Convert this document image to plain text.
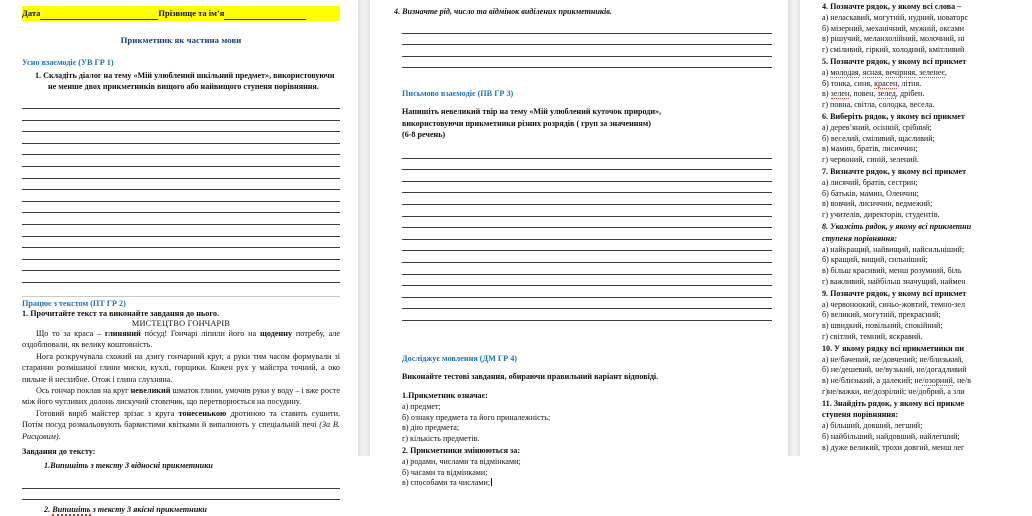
Дата	Прізвище та ім’я
Прикметник як частина мови
Усно взаємодіє (УВ ГР 1)
1. Складіть діалог на тему «Мій улюблений шкільний предмет», використовуючи не менше двох прикметників вищого або найвищого ступеня порівняння.
Працює з текстом (ПТ ГР 2)
1. Прочитайте текст та виконайте завдання до нього.
МИСТЕЦТВО ГОНЧАРІВ

Що то за краса – глиняний пóсуд! Гончарі ліпили його на щоденну потребу, але оздоблювали, як велику коштовність.

Нога розкручувала схожий на дзиґу гончарний круг, а руки тим часом формували зі старанно розмішаної глини миски, кухлі, горщики. Кожен рух у майстра точний, а око пильне й несхибне. Отож і глина слухняна.

Ось гончар поклав на круг невеликий шматок глини, умочив руки у воду – і вже росте між його чутливих долонь лискучий стовпчик, що перетворюється на посудину.

Готовий виріб майстер зрізає з круга тонесенькою дротиною та ставить сушити. Потім посуд розмальовують барвистими квітками й випалюють у спеціальній печі (За В. Рисцовим).

Завдання до тексту:
1.Випишіть з тексту 3 відносні прикметники
2. Випишіть з тексту 3 якісні прикметники
4. Визначте рід, число та відмінок виділених прикметників.
Письмово взаємодіє (ПВ ГР 3)
Напишіть невеликий твір на тему «Мій улюблений куточок природи»,
використовуючи прикметники різних розрядів ( груп за значенням)
(6-8 речень)
Досліджує мовлення (ДМ ГР 4)
Виконайте тестові завдання, обираючи правильний варіант відповіді.
1.Прикметник означає:
а) предмет;
б) ознаку предмета та його приналежність;
в) дію предмета;
г) кількість предметів.
2. Прикметники змінюються за:
а) родами, числами та відмінками;
б) часами та відмінками;
в) способами та числами;
4. Позначте рядок, у якому всі слова –
а) неласкавий, могутній, нудний, новаторс
б) мізерний, механічний, мужній, оксами
в) рішучий, меланхолійний, молочний, ні
г) сміливий, гіркий, холодний, кмітливий
5. Позначте рядок, у якому всі прикмет
а) молодая, ясная, вечірняя, зеленеє,
б) тонка, синя, красен, літня.
в) зелен, повен, зелед, дрібен.
г) повна, світла, солодка, весела.
6. Виберіть рядок, у якому всі прикмет
а) дерев’яний, осінній, срібний;
б) веселий, сміливий, щасливий;
в) мамин, братів, лисиччин;
г) червоний, синій, зелений.
7. Визначте рядок, у якому всі прикмет
а) лисячий, братів, сестрин;
б) батьків, мамин, Оленчин;
в) вовчий, лисиччин, ведмежий;
г) учителів, директорів, студентів.
8. Укажіть рядок, у якому всі прикметни
ступеня порівняння:
а) найкращий, найвищий, найсильніший;
б) кращий, вищий, сильніший;
в) більш красивий, менш розумний, біль
г) важливий, найбільш значущий, наймен
9. Позначте рядок, у якому всі прикмет
а) червоноокий, синьо-жовтий, темно-зел
б) великий, могутній, прекрасний;
в) швидкий, повільний, спокійний;
г) світлий, темний, яскравий.
10. У якому рядку всі прикметники пи
а) не/бачений, не/довчений; не/близький,
б) не/дешевий, не/вузький, не/догадливий
в) не/близький, а далекий; не/озорний, не/в
г)не/важки, не/дозрілий; не/добрий, а зли
11. Знайдіть рядок, у якому всі прикме
ступеня порівняння:
а) більший, довший, легший;
б) найбільший, найдовший, найлегший;
в) дуже великий, трохи довгий, менш лег
